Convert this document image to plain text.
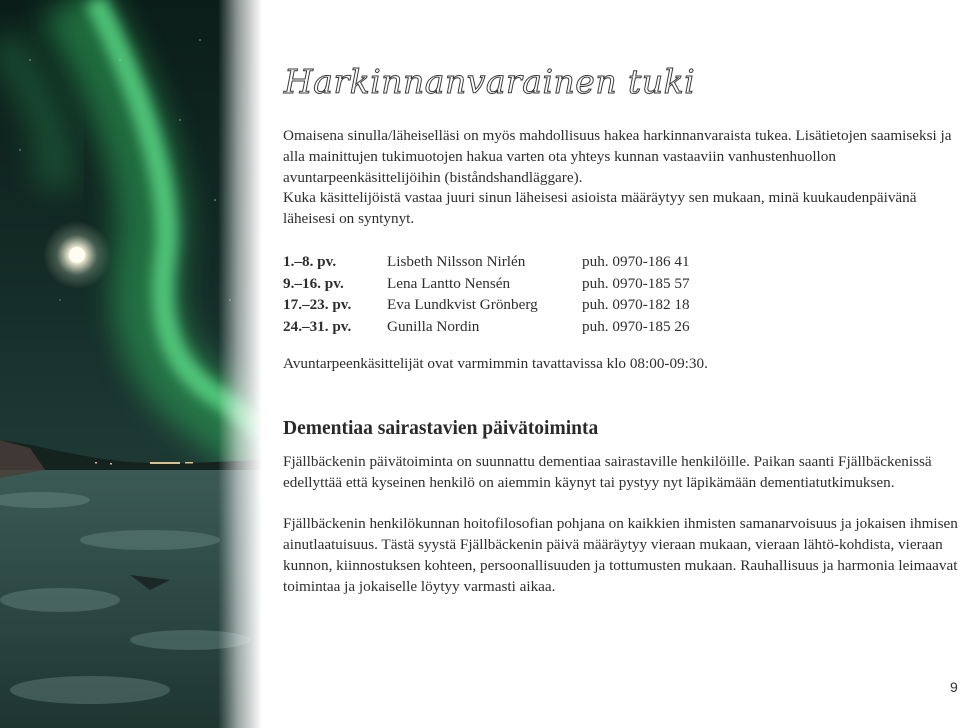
Harkinnanvarainen tuki

Omaisena sinulla/läheiselläsi on myös mahdollisuus hakea harkinnanvaraista tukea. Lisätietojen saamiseksi ja alla mainittujen tukimuotojen hakua varten ota yhteys kunnan vastaaviin vanhustenhuollon avuntarpeenkäsittelijöihin (biståndshandläggare).

Kuka käsittelijöistä vastaa juuri sinun läheisesi asioista määräytyy sen mukaan, minä kuukaudenpäivänä läheisesi on syntynyt.

1.–8. pv.	Lisbeth Nilsson Nirlén	puh. 0970-186 41
9.–16. pv.	Lena Lantto Nensén	puh. 0970-185 57
17.–23. pv. Eva Lundkvist Grönberg	puh. 0970-182 18
24.–31. pv. Gunilla Nordin	puh. 0970-185 26

Avuntarpeenkäsittelijät ovat varmimmin tavattavissa klo 08:00-09:30.

Dementiaa sairastavien päivätoiminta

Fjällbäckenin päivätoiminta on suunnattu dementiaa sairastaville henkilöille. Paikan saanti Fjällbäckenissä edellyttää että kyseinen henkilö on aiemmin käynyt tai pystyy nyt läpikämään dementiatutkimuksen.

Fjällbäckenin henkilökunnan hoitofilosofian pohjana on kaikkien ihmisten samanarvoisuus ja jokaisen ihmisen ainutlaatuisuus. Tästä syystä Fjällbäckenin päivä määräytyy vieraan mukaan, vieraan lähtö-kohdista, vieraan kunnon, kiinnostuksen kohteen, persoonallisuuden ja tottumusten mukaan. Rauhallisuus ja harmonia leimaavat toimintaa ja jokaiselle löytyy varmasti aikaa.

9
